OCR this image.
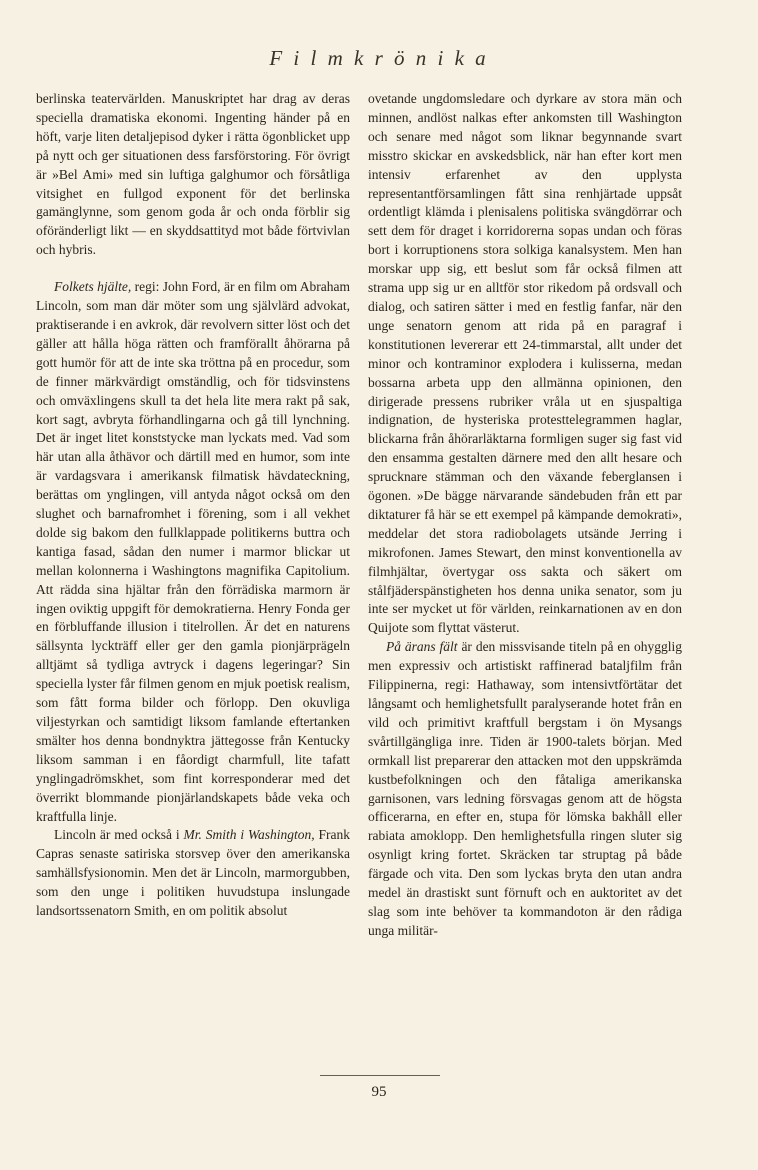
F i l m k r ö n i k a

berlinska teatervärlden. Manuskriptet har drag av deras speciella dramatiska ekonomi. Ingenting händer på en höft, varje liten detaljepisod dyker i rätta ögonblicket upp på nytt och ger situationen dess farsförstoring. För övrigt är »Bel Ami» med sin luftiga galghumor och försåtliga vitsighet en fullgod exponent för det berlinska gamänglynne, som genom goda år och onda förblir sig oföränderligt likt — en skyddsattityd mot både förtvivlan och hybris.

Folkets hjälte, regi: John Ford, är en film om Abraham Lincoln, som man där möter som ung självlärd advokat, praktiserande i en avkrok, där revolvern sitter löst och det gäller att hålla höga rätten och framförallt åhörarna på gott humör för att de inte ska tröttna på en procedur, som de finner märkvärdigt omständlig, och för tidsvinstens och omväxlingens skull ta det hela lite mera rakt på sak, kort sagt, avbryta förhandlingarna och gå till lynchning. Det är inget litet konststycke man lyckats med. Vad som här utan alla åthävor och därtill med en humor, som inte är vardagsvara i amerikansk filmatisk hävdateckning, berättas om ynglingen, vill antyda något också om den slughet och barnafromhet i förening, som i all vekhet dolde sig bakom den fullklappade politikerns buttra och kantiga fasad, sådan den numer i marmor blickar ut mellan kolonnerna i Washingtons magnifika Capitolium. Att rädda sina hjältar från den förrädiska marmorn är ingen oviktig uppgift för demokratierna. Henry Fonda ger en förbluffande illusion i titelrollen. Är det en naturens sällsynta lyckträff eller ger den gamla pionjärprägeln alltjämt så tydliga avtryck i dagens legeringar? Sin speciella lyster får filmen genom en mjuk poetisk realism, som fått forma bilder och förlopp. Den okuvliga viljestyrkan och samtidigt liksom famlande eftertanken smälter hos denna bondnyktra jättegosse från Kentucky liksom samman i en fåordigt charmfull, lite tafatt ynglingadrömskhet, som fint korresponderar med det överrikt blommande pionjärlandskapets både veka och kraftfulla linje.

Lincoln är med också i Mr. Smith i Washington, Frank Capras senaste satiriska storsvep över den amerikanska samhällsfysionomin. Men det är Lincoln, marmorgubben, som den unge i politiken huvudstupa inslungade landsortssenatorn Smith, en om politik absolut

ovetande ungdomsledare och dyrkare av stora män och minnen, andlöst nalkas efter ankomsten till Washington och senare med något som liknar begynnande svart misstro skickar en avskedsblick, när han efter kort men intensiv erfarenhet av den upplysta representantförsamlingen fått sina renhjärtade uppsåt ordentligt klämda i plenisalens politiska svängdörrar och sett dem för draget i korridorerna sopas undan och föras bort i korruptionens stora solkiga kanalsystem. Men han morskar upp sig, ett beslut som får också filmen att strama upp sig ur en alltför stor rikedom på ordsvall och dialog, och satiren sätter i med en festlig fanfar, när den unge senatorn genom att rida på en paragraf i konstitutionen levererar ett 24-timmarstal, allt under det minor och kontraminor exploderа i kulisserna, medan bossarna arbeta upp den allmänna opinionen, den dirigerade pressens rubriker vråla ut en sjuspaltiga indignation, de hysteriska protesttelegrammen haglar, blickarna från åhörarläktarna formligen suger sig fast vid den ensamma gestalten därnere med den allt hesare och sprucknare stämman och den växande feberglansen i ögonen. »De bägge närvarande sändebuden från ett par diktaturer få här se ett exempel på kämpande demokrati», meddelar det stora radiobolagets utsände Jerring i mikrofonen. James Stewart, den minst konventionella av filmhjältar, övertygar oss sakta och säkert om stålfjäderspänstigheten hos denna unika senator, som ju inte ser mycket ut för världen, reinkarnationen av en don Quijote som flyttat västerut.

På ärans fält är den missvisande titeln på en ohygglig men expressiv och artistiskt raffinerad bataljfilm från Filippinerna, regi: Hathaway, som intensivtförtätar det långsamt och hemlighetsfullt paralyserande hotet från en vild och primitivt kraftfull bergstam i ön Mysangs svårtillgängliga inre. Tiden är 1900-talets början. Med ormkall list preparerar den attacken mot den uppskrämda kustbefolkningen och den fåtaliga amerikanska garnisonen, vars ledning försvagas genom att de högsta officerarna, en efter en, stupa för lömska bakhåll eller rabiata amoklopp. Den hemlighetsfulla ringen sluter sig osynligt kring fortet. Skräcken tar struptag på både färgade och vita. Den som lyckas bryta den utan andra medel än drastiskt sunt förnuft och en auktoritet av det slag som inte behöver ta kommandoton är den rådiga unga militär-

95
